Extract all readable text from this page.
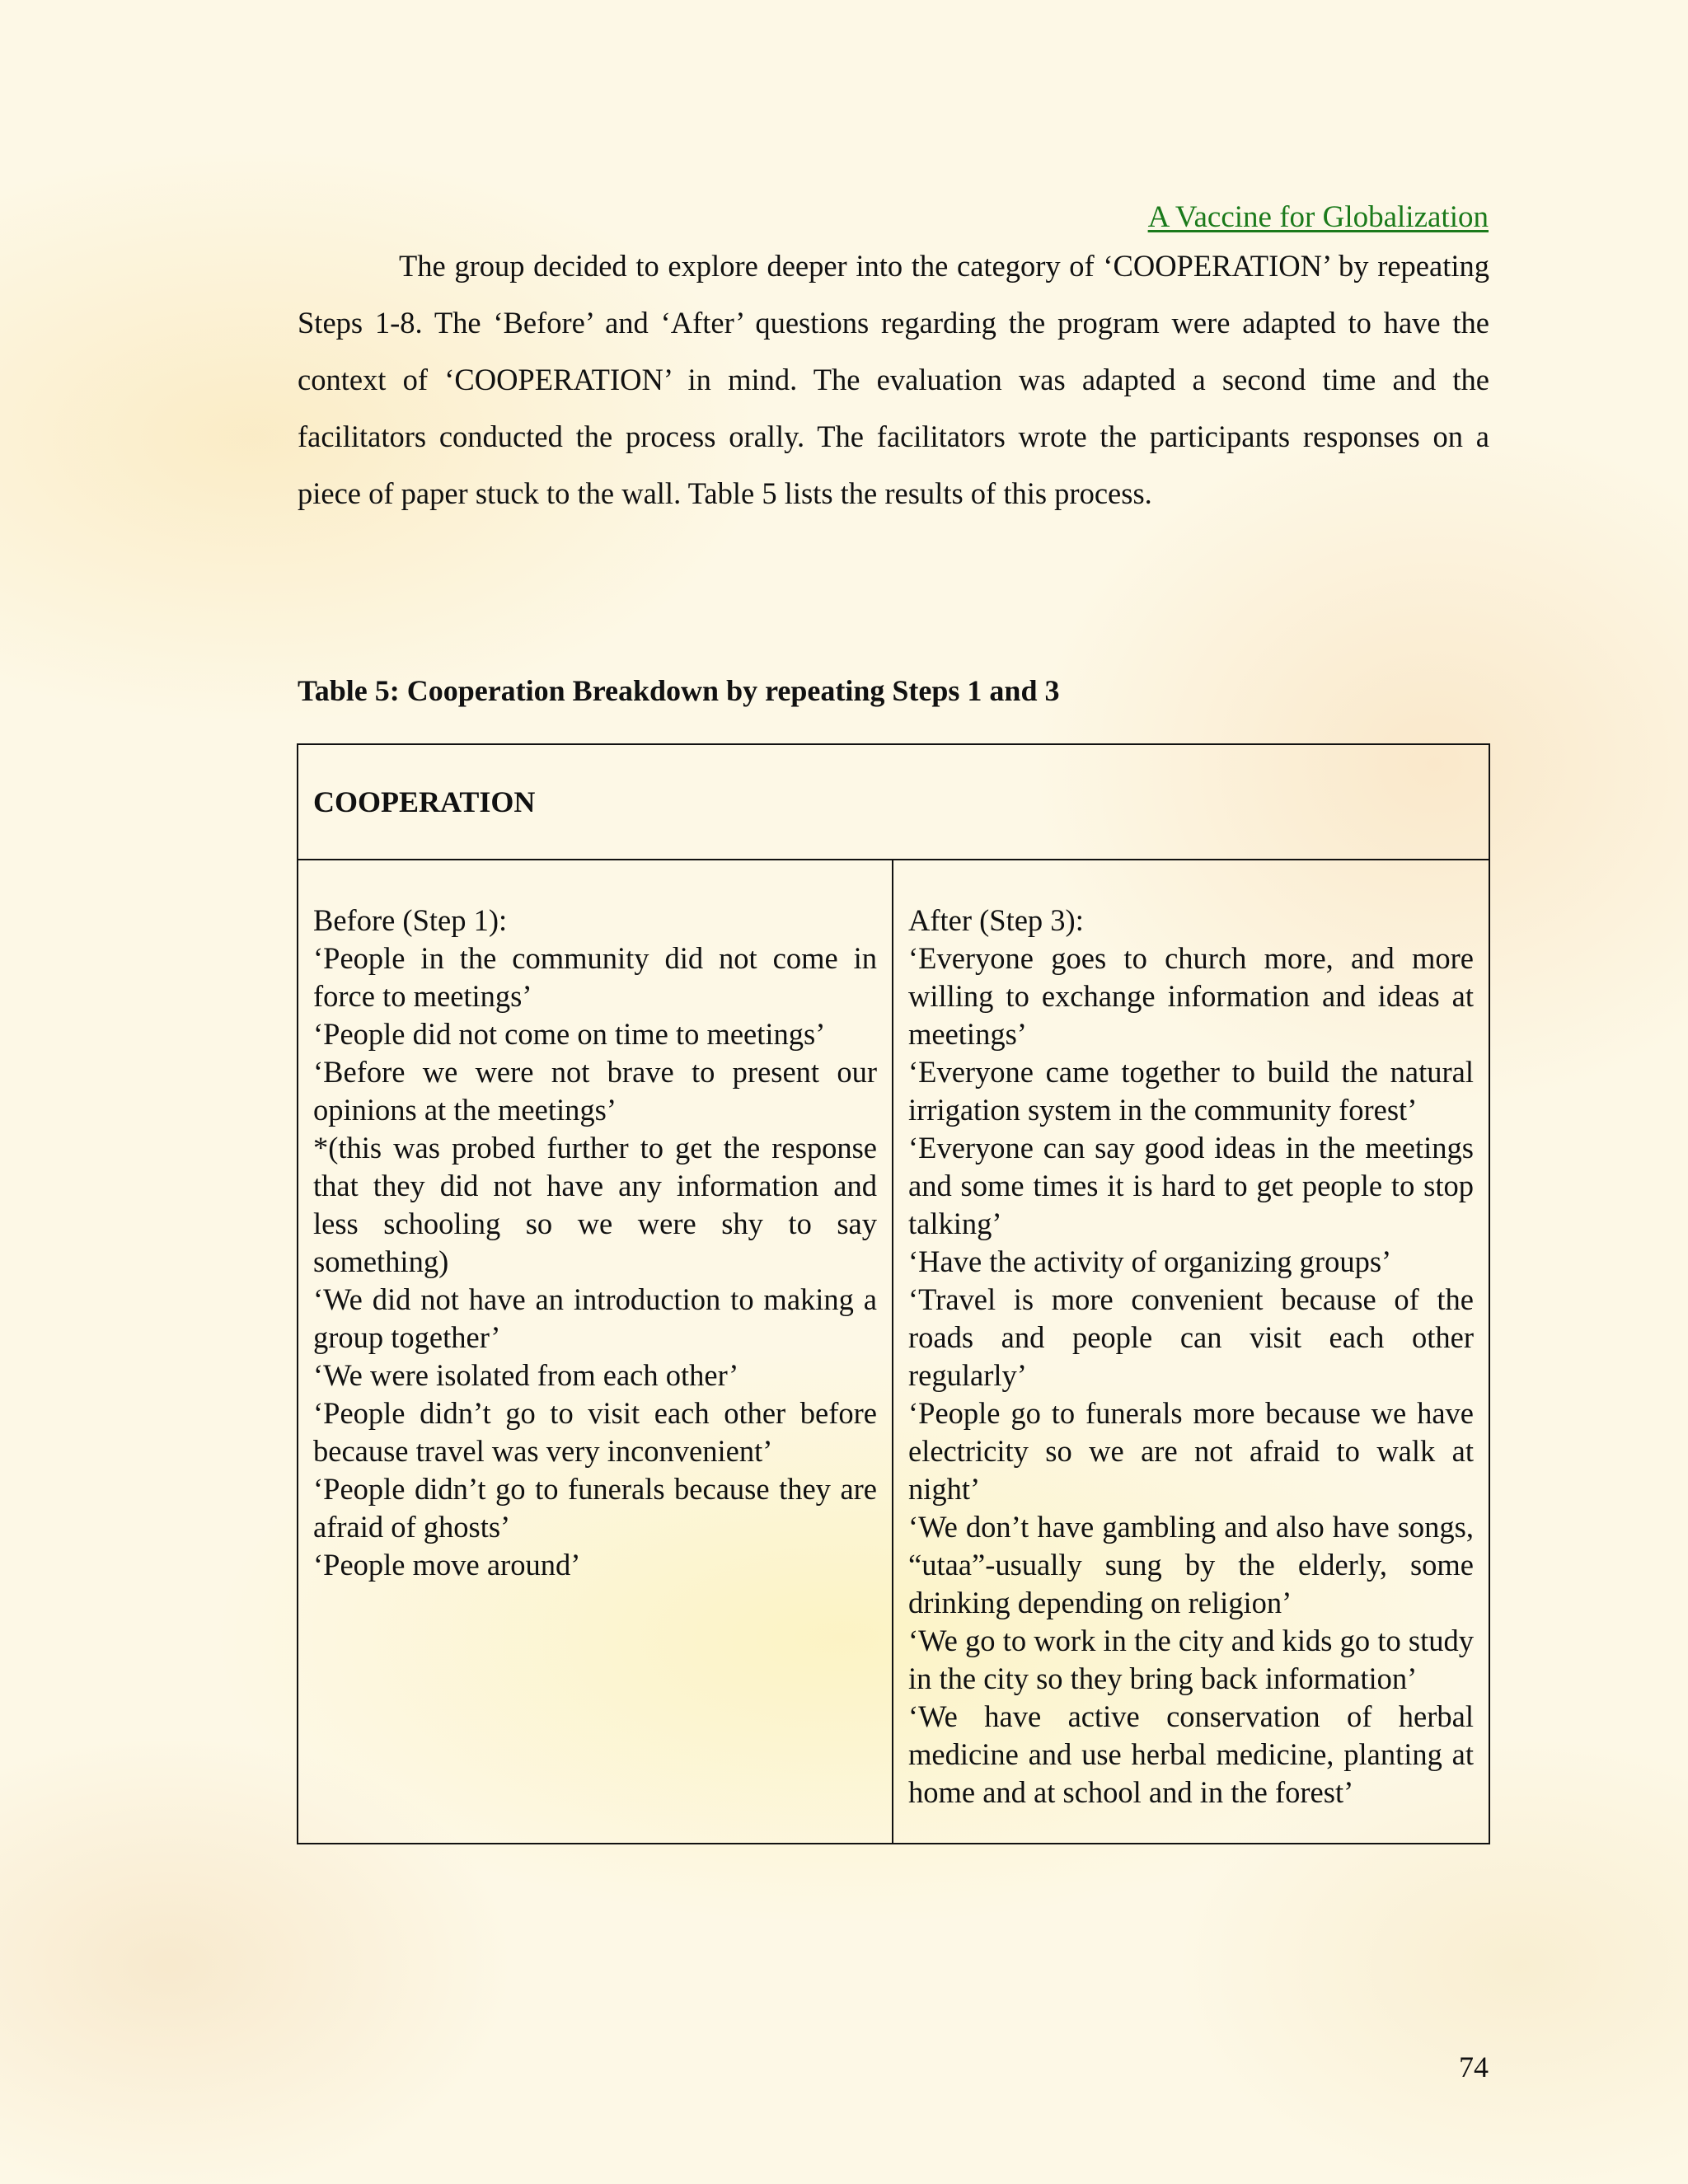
A Vaccine for Globalization

The group decided to explore deeper into the category of ‘COOPERATION’ by repeating Steps 1-8. The ‘Before’ and ‘After’ questions regarding the program were adapted to have the context of ‘COOPERATION’ in mind. The evaluation was adapted a second time and the facilitators conducted the process orally. The facilitators wrote the participants responses on a piece of paper stuck to the wall. Table 5 lists the results of this process.

Table 5: Cooperation Breakdown by repeating Steps 1 and 3

COOPERATION
Before (Step 1):
‘People in the community did not come in force to meetings’
‘People did not come on time to meetings’
‘Before we were not brave to present our opinions at the meetings’
*(this was probed further to get the response that they did not have any information and less schooling so we were shy to say something)
‘We did not have an introduction to making a group together’
‘We were isolated from each other’
‘People didn’t go to visit each other before because travel was very inconvenient’
‘People didn’t go to funerals because they are afraid of ghosts’
‘People move around’
After (Step 3):
‘Everyone goes to church more, and more willing to exchange information and ideas at meetings’
‘Everyone came together to build the natural irrigation system in the community forest’
‘Everyone can say good ideas in the meetings and some times it is hard to get people to stop talking’
‘Have the activity of organizing groups’
‘Travel is more convenient because of the roads and people can visit each other regularly’
‘People go to funerals more because we have electricity so we are not afraid to walk at night’
‘We don’t have gambling and also have songs, “utaa”-usually sung by the elderly, some drinking depending on religion’
‘We go to work in the city and kids go to study in the city so they bring back information’
‘We have active conservation of herbal medicine and use herbal medicine, planting at home and at school and in the forest’

74
